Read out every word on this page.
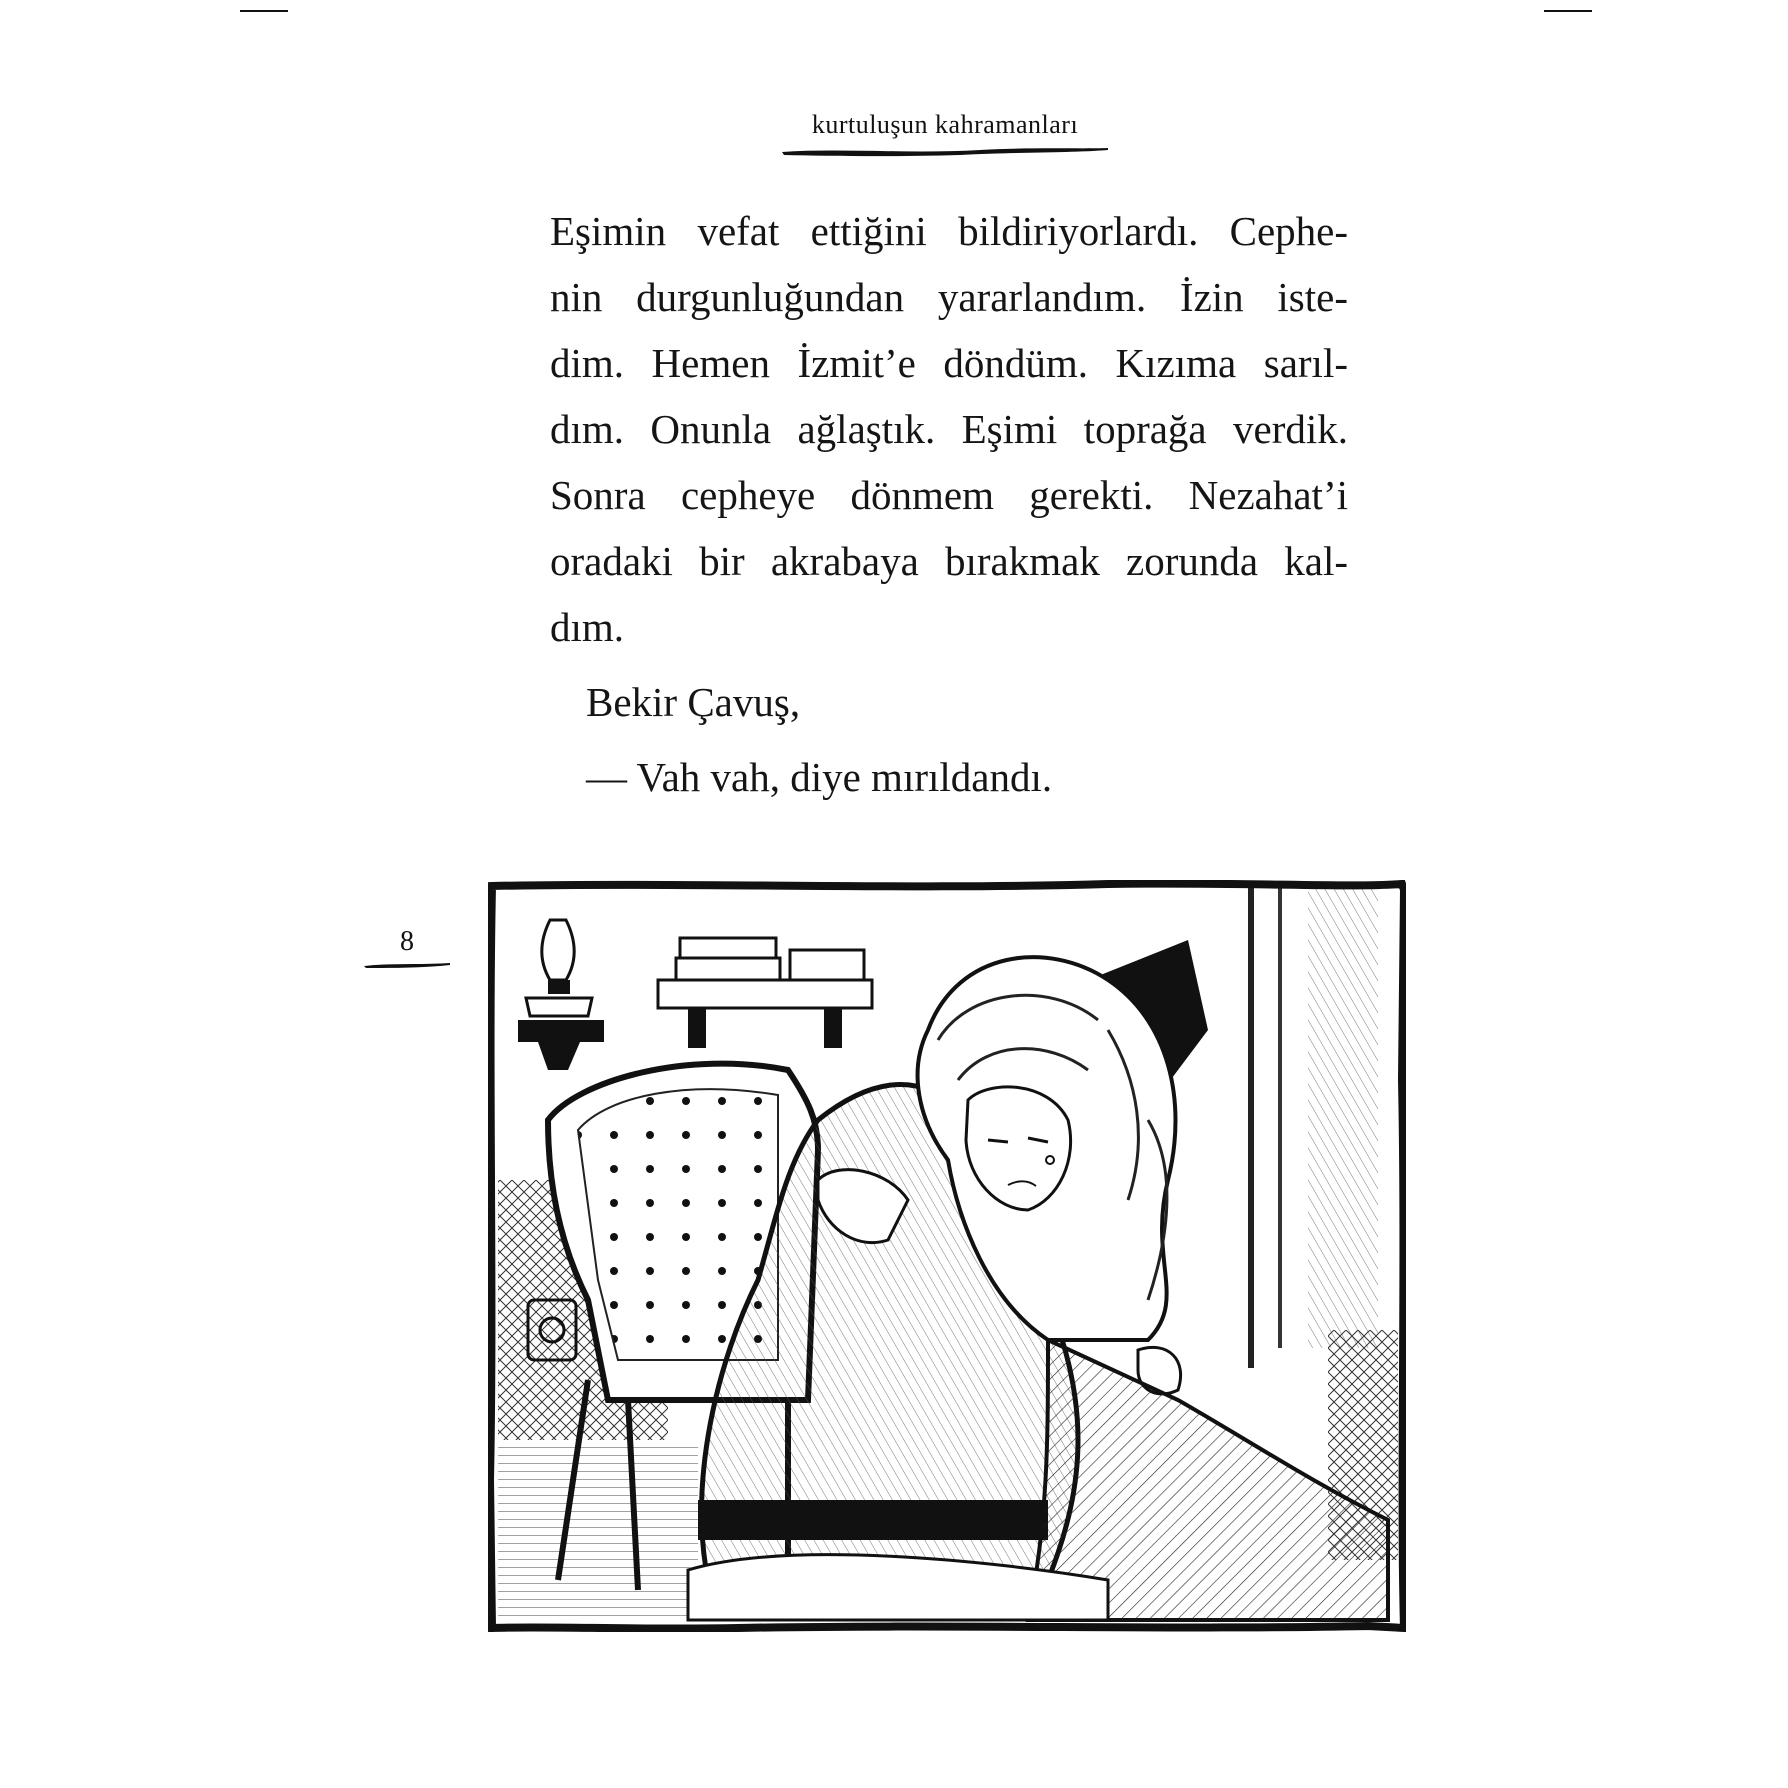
kurtuluşun kahramanları
Eşimin vefat ettiğini bildiriyorlardı. Cephe-
nin durgunluğundan yararlandım. İzin iste-
dim. Hemen İzmit’e döndüm. Kızıma sarıl-
dım. Onunla ağlaştık. Eşimi toprağa verdik.
Sonra cepheye dönmem gerekti. Nezahat’i
oradaki bir akrabaya bırakmak zorunda kal-
dım.
Bekir Çavuş,
— Vah vah, diye mırıldandı.
8
